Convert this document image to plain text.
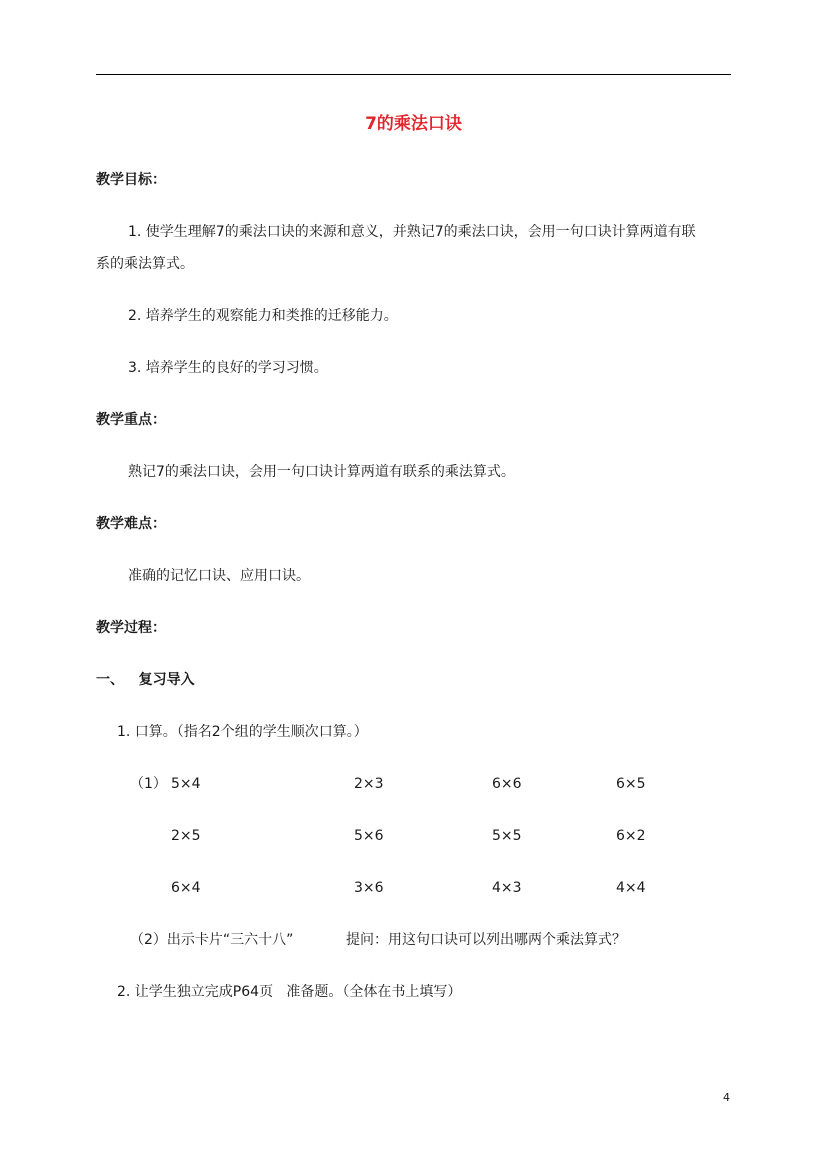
7的乘法口诀
教学目标：
1. 使学生理解7的乘法口诀的来源和意义，并熟记7的乘法口诀，会用一句口诀计算两道有联
系的乘法算式。
2. 培养学生的观察能力和类推的迁移能力。
3. 培养学生的良好的学习习惯。
教学重点：
熟记7的乘法口诀，会用一句口诀计算两道有联系的乘法算式。
教学难点：
准确的记忆口诀、应用口诀。
教学过程：
一、   复习导入
1. 口算。（指名2个组的学生顺次口算。）
（1） 5×4	2×3	6×6	6×5
2×5	5×6	5×5	6×2
6×4	3×6	4×3	4×4
（2）出示卡片“三六十八”	提问：用这句口诀可以列出哪两个乘法算式？
2. 让学生独立完成P64页   准备题。（全体在书上填写）
4
